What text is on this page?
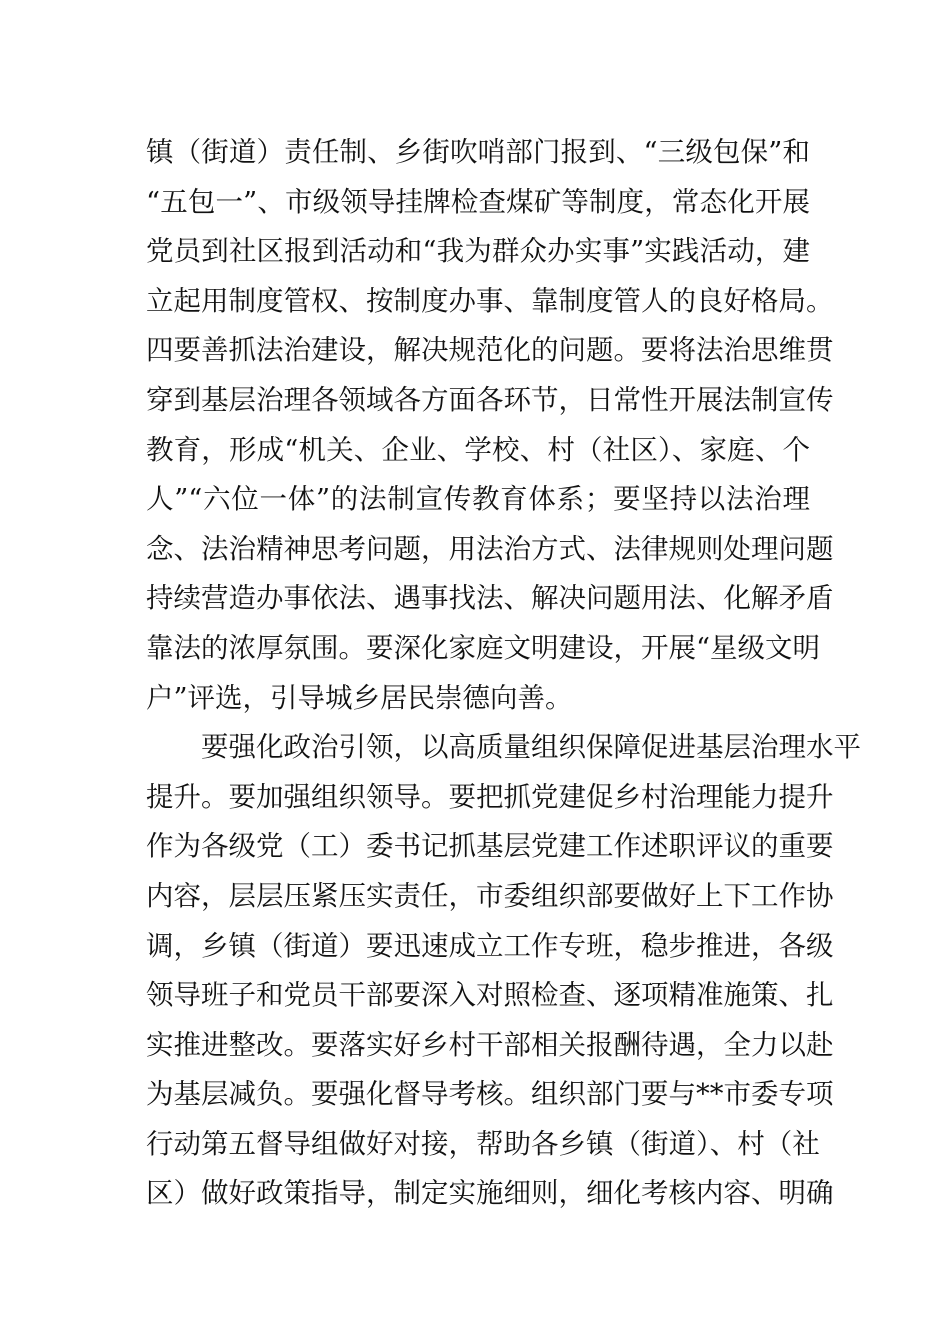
镇（街道）责任制、乡街吹哨部门报到、“三级包保”和
“五包一”、市级领导挂牌检查煤矿等制度，常态化开展
党员到社区报到活动和“我为群众办实事”实践活动，建
立起用制度管权、按制度办事、靠制度管人的良好格局。
四要善抓法治建设，解决规范化的问题。要将法治思维贯
穿到基层治理各领域各方面各环节，日常性开展法制宣传
教育，形成“机关、企业、学校、村（社区）、家庭、个
人”“六位一体”的法制宣传教育体系；要坚持以法治理
念、法治精神思考问题，用法治方式、法律规则处理问题
持续营造办事依法、遇事找法、解决问题用法、化解矛盾
靠法的浓厚氛围。要深化家庭文明建设，开展“星级文明
户”评选，引导城乡居民崇德向善。
要强化政治引领，以高质量组织保障促进基层治理水平
提升。要加强组织领导。要把抓党建促乡村治理能力提升
作为各级党（工）委书记抓基层党建工作述职评议的重要
内容，层层压紧压实责任，市委组织部要做好上下工作协
调，乡镇（街道）要迅速成立工作专班，稳步推进，各级
领导班子和党员干部要深入对照检查、逐项精准施策、扎
实推进整改。要落实好乡村干部相关报酬待遇，全力以赴
为基层减负。要强化督导考核。组织部门要与**市委专项
行动第五督导组做好对接，帮助各乡镇（街道）、村（社
区）做好政策指导，制定实施细则，细化考核内容、明确
